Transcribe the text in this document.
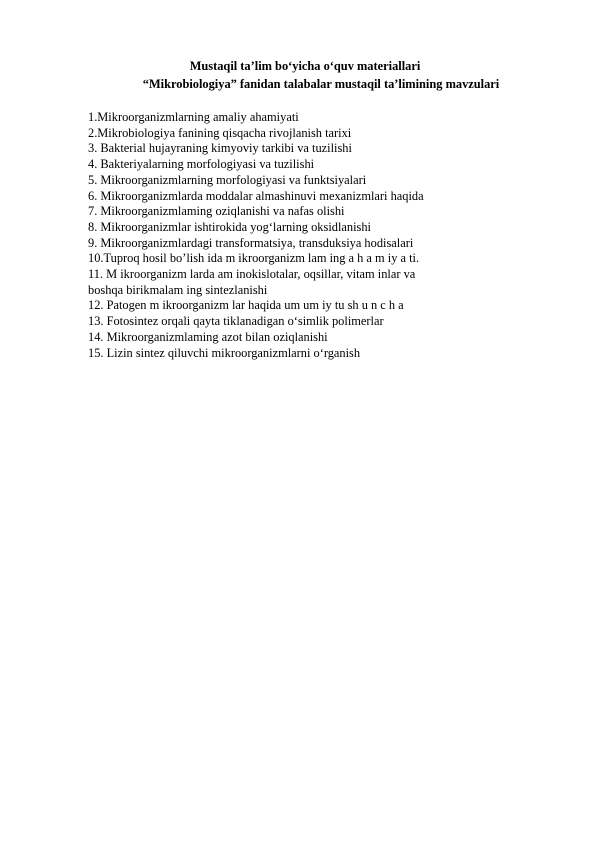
Mustaqil ta’lim bo‘yicha o‘quv materiallari
“Mikrobiologiya” fanidan talabalar mustaqil ta’limining mavzulari
1.Mikroorganizmlarning amaliy ahamiyati
2.Mikrobiologiya fanining qisqacha rivojlanish tarixi
3. Bakterial hujayraning kimyoviy tarkibi va tuzilishi
4. Bakteriyalarning morfologiyasi va tuzilishi
5. Mikroorganizmlarning morfologiyasi va funktsiyalari
6. Mikroorganizmlarda moddalar almashinuvi mexanizmlari haqida
7. Mikroorganizmlaming oziqlanishi va nafas olishi
8. Mikroorganizmlar ishtirokida yog‘larning oksidlanishi
9. Mikroorganizmlardagi transformatsiya, transduksiya hodisalari
10.Tuproq hosil bo’lish ida m ikroorganizm lam ing a h a m iy a ti.
11. M ikroorganizm larda am inokislotalar, oqsillar, vitam inlar va
boshqa birikmalam ing sintezlanishi
12. Patogen m ikroorganizm lar haqida um um iy tu sh u n c h a
13. Fotosintez orqali qayta tiklanadigan o‘simlik polimerlar
14. Mikroorganizmlaming azot bilan oziqlanishi
15. Lizin sintez qiluvchi mikroorganizmlarni o‘rganish
